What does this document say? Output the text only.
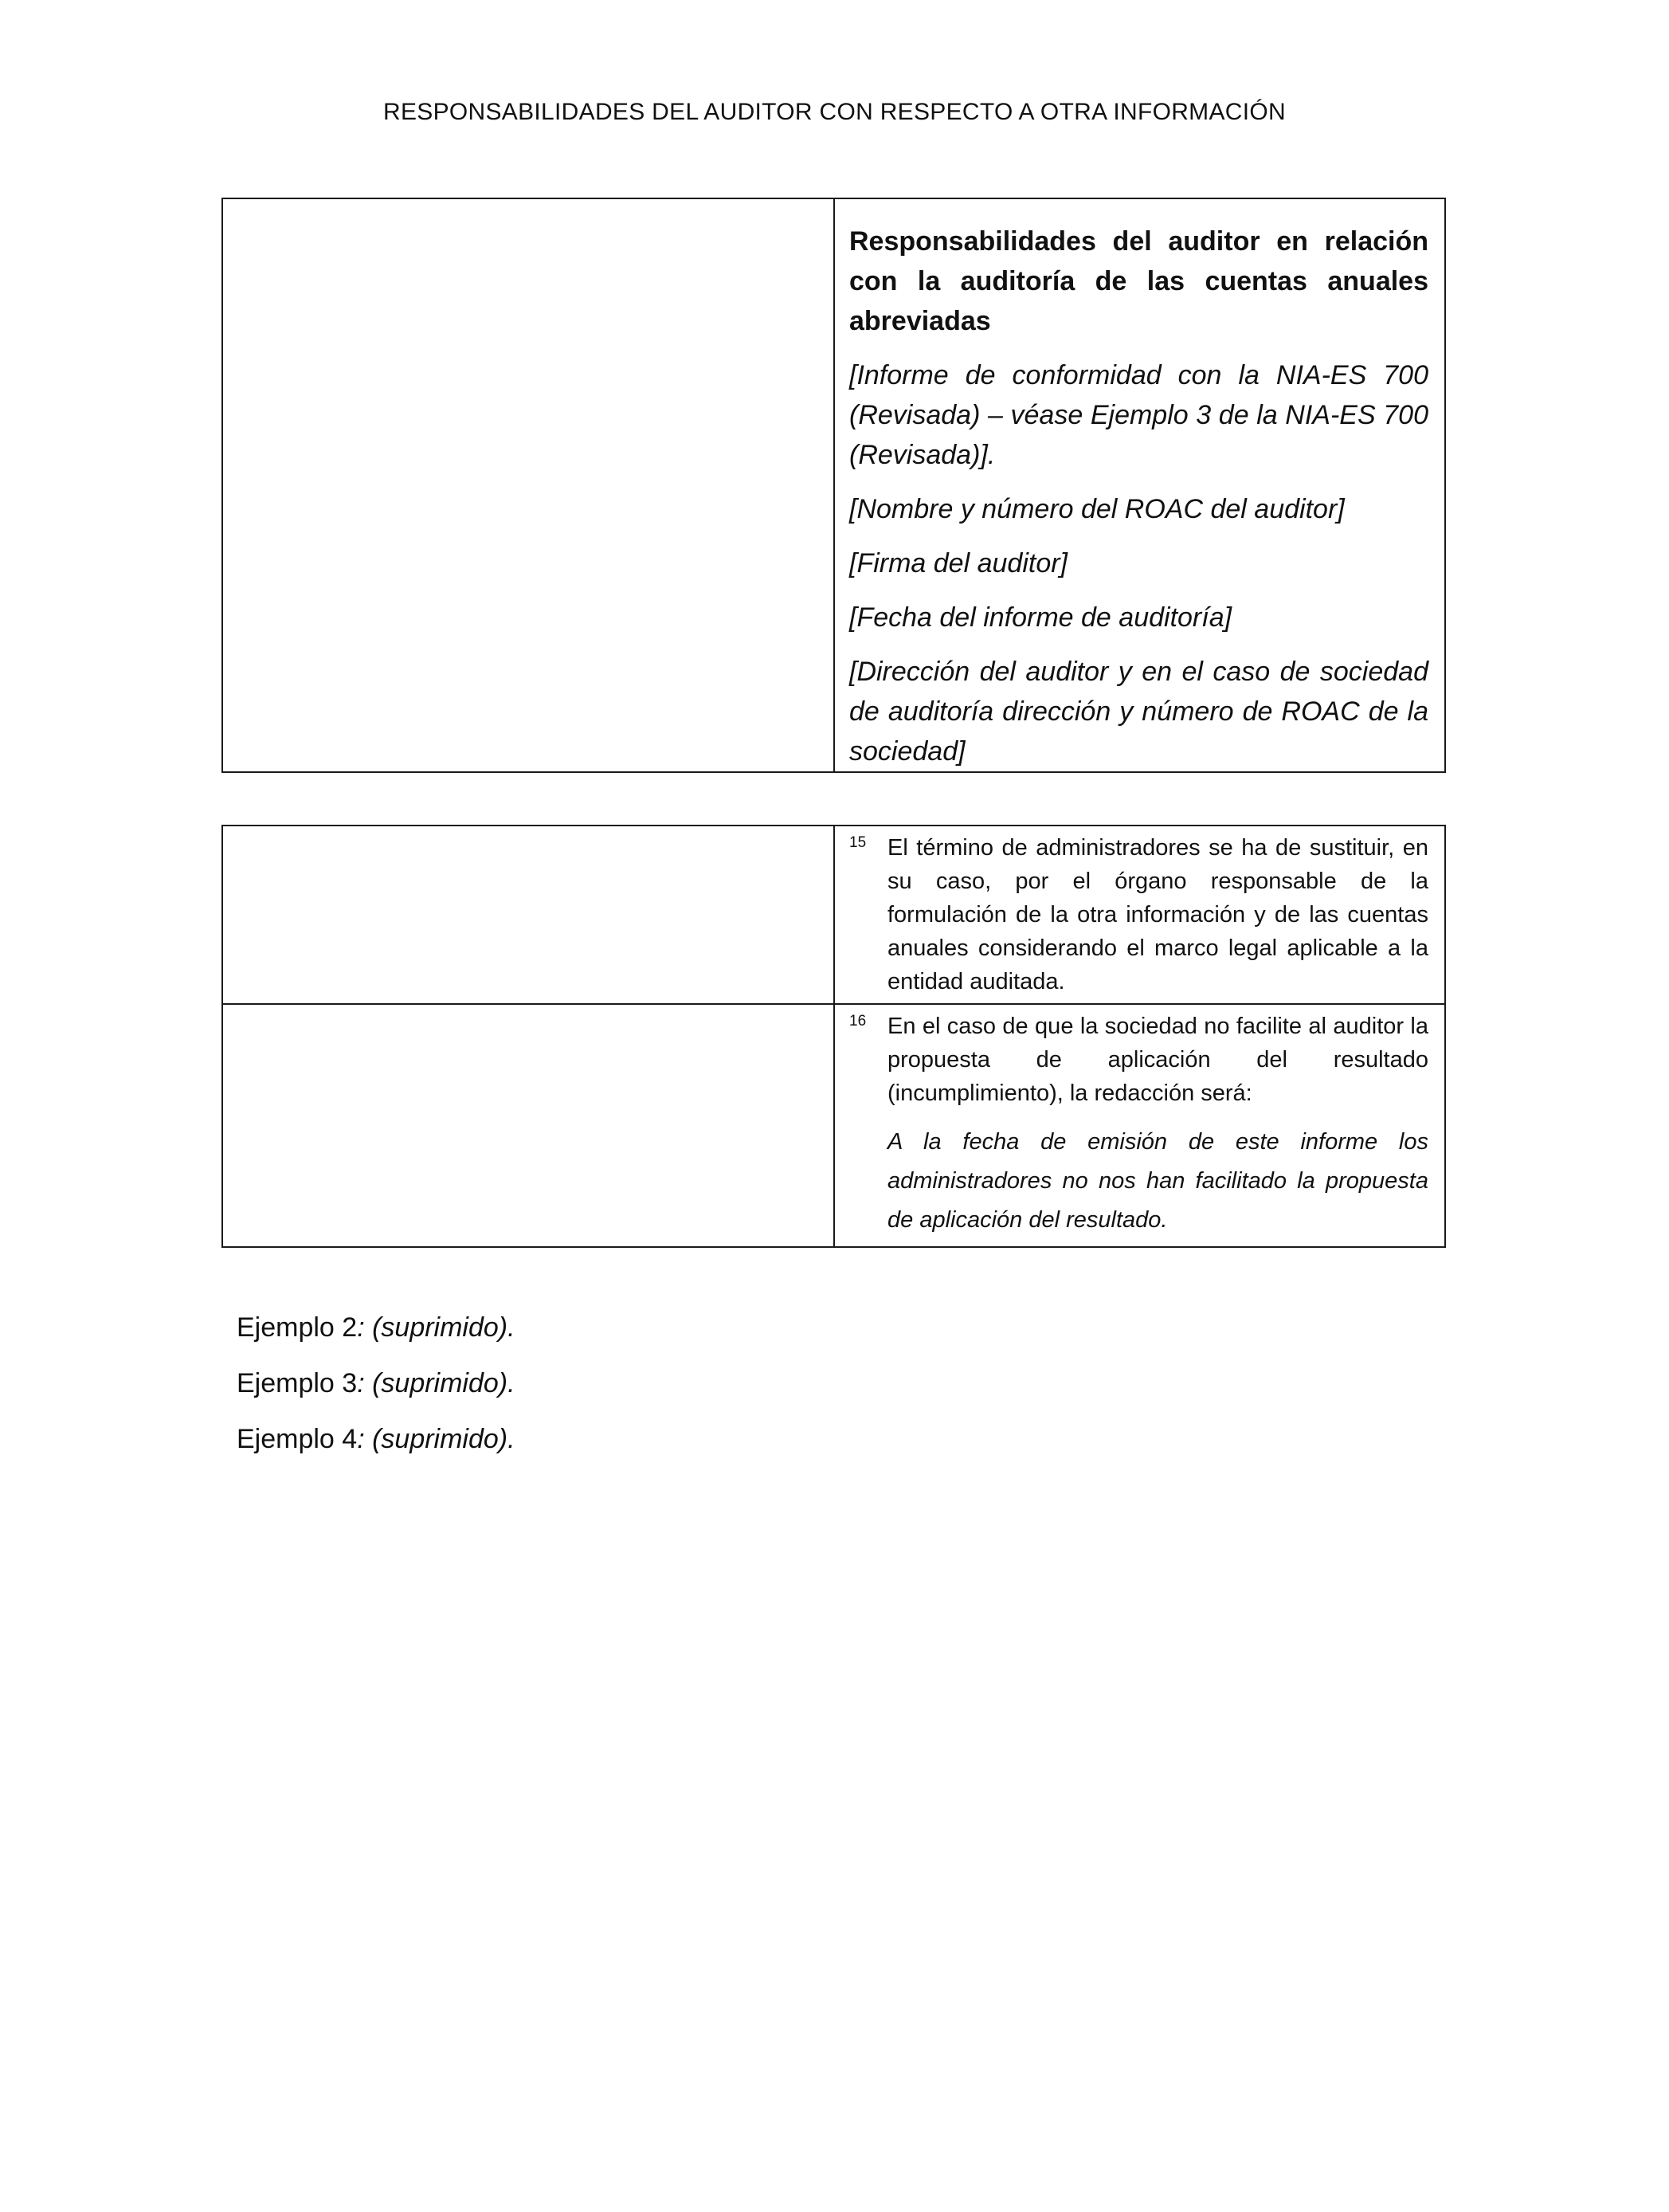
RESPONSABILIDADES DEL AUDITOR CON RESPECTO A OTRA INFORMACIÓN

Responsabilidades del auditor en relación con la auditoría de las cuentas anuales abreviadas

[Informe de conformidad con la NIA-ES 700 (Revisada) – véase Ejemplo 3 de la NIA-ES 700 (Revisada)].

[Nombre y número del ROAC del auditor]

[Firma del auditor]

[Fecha del informe de auditoría]

[Dirección del auditor y en el caso de sociedad de auditoría dirección y número de ROAC de la sociedad]

	15 El término de administradores se ha de sustituir, en su caso, por el órgano responsable de la formulación de la otra información y de las cuentas anuales considerando el marco legal aplicable a la entidad auditada.

	16 En el caso de que la sociedad no facilite al auditor la propuesta de aplicación del resultado (incumplimiento), la redacción será:
A la fecha de emisión de este informe los administradores no nos han facilitado la propuesta de aplicación del resultado.

Ejemplo 2: (suprimido).

Ejemplo 3: (suprimido).

Ejemplo 4: (suprimido).
